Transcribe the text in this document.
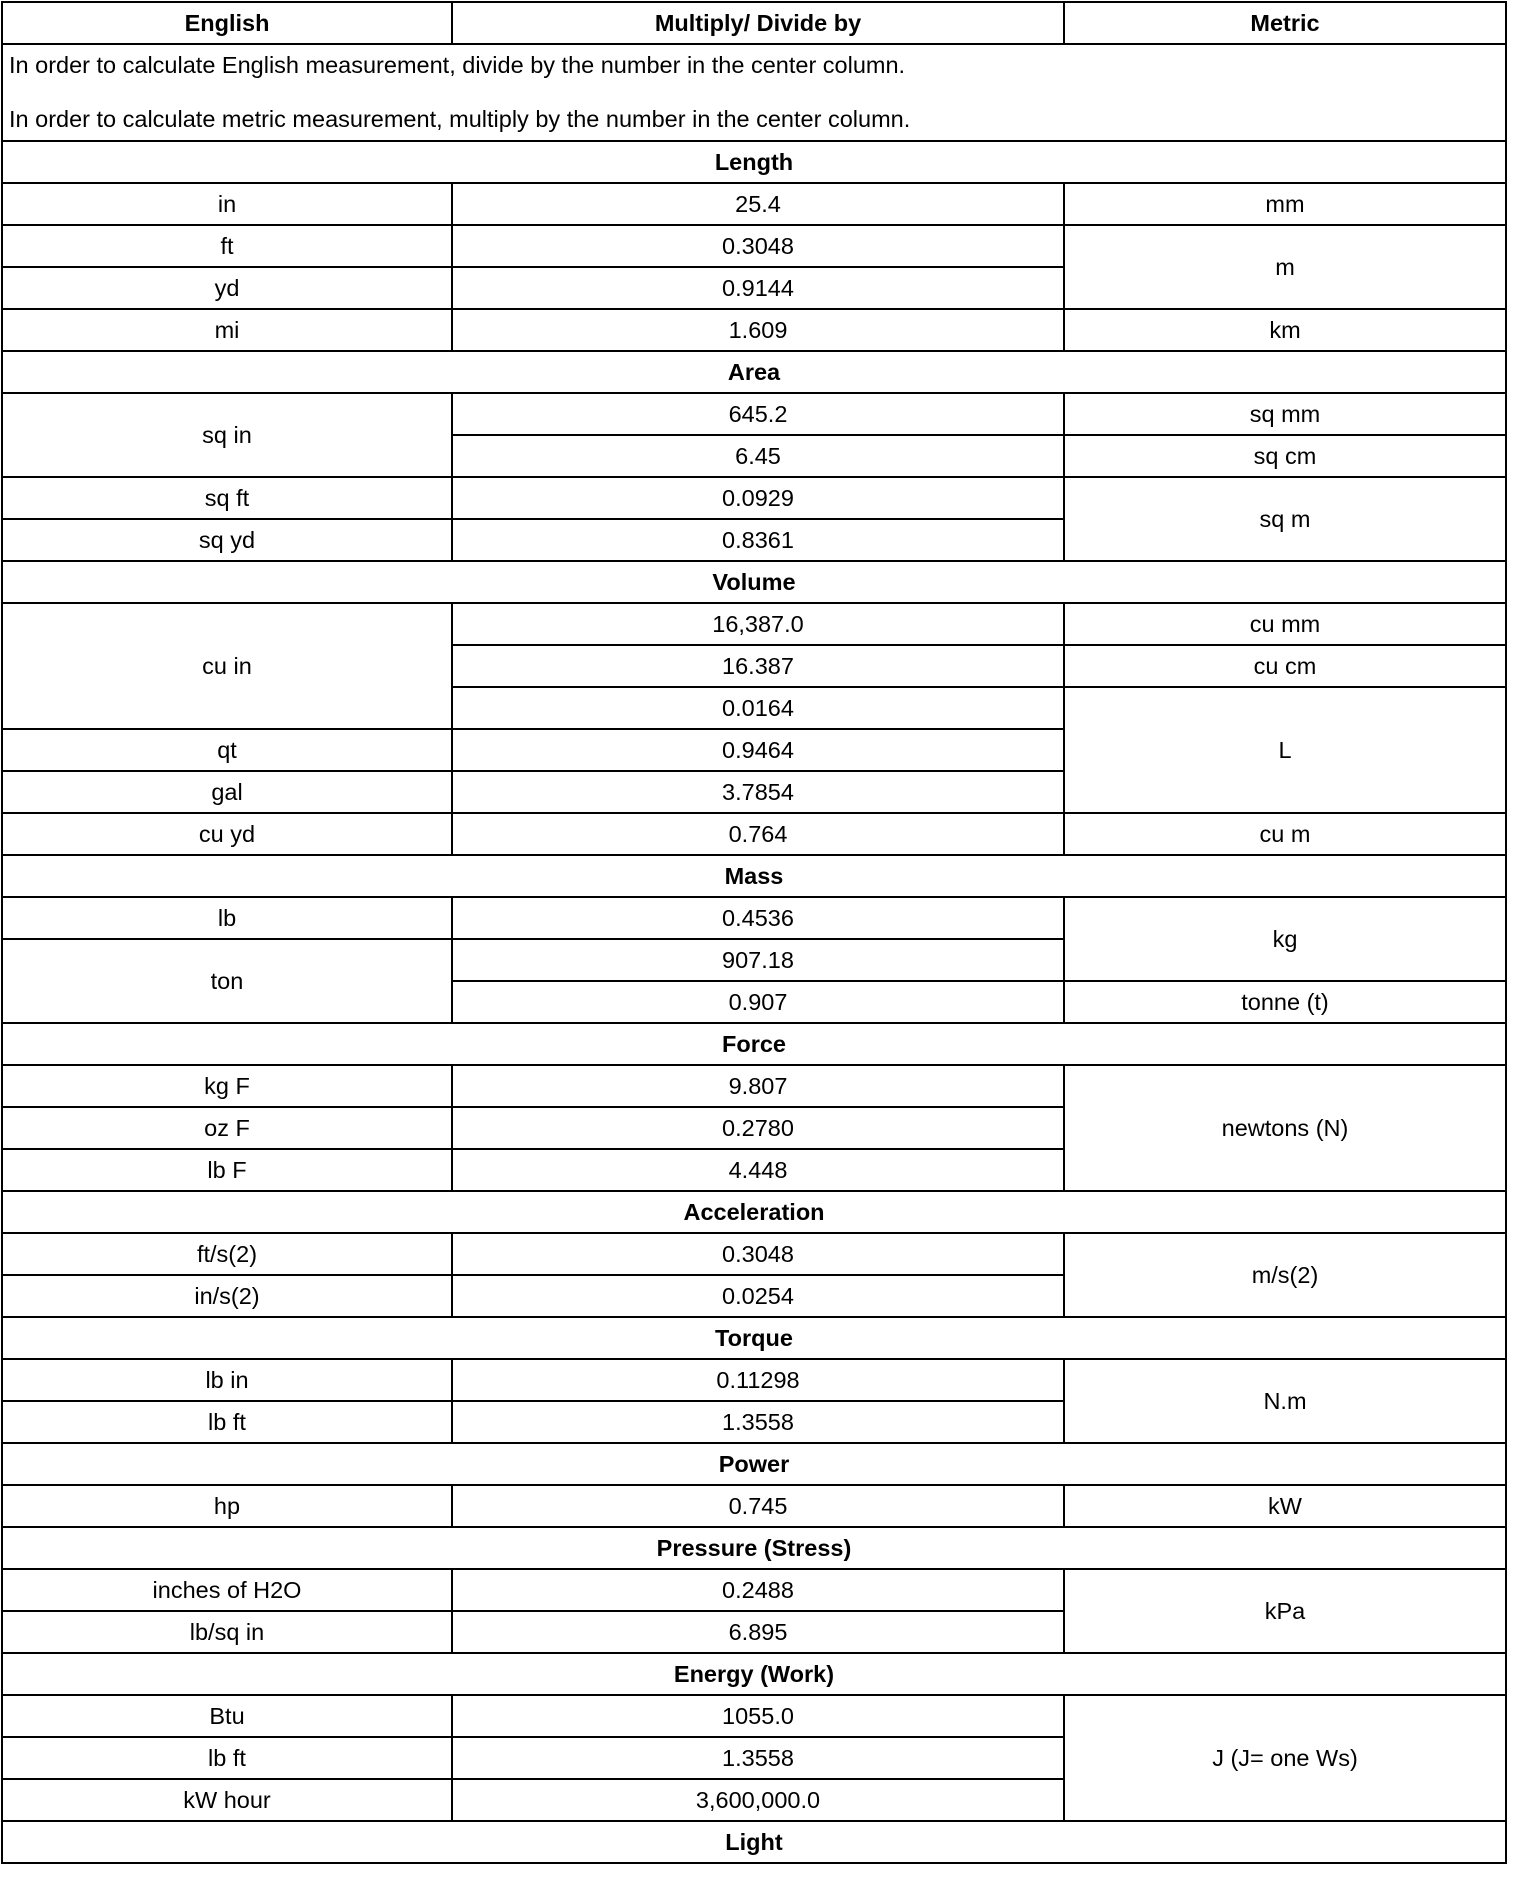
English	Multiply/ Divide by	Metric

In order to calculate English measurement, divide by the number in the center column.
In order to calculate metric measurement, multiply by the number in the center column.		

Length		
in	25.4	mm
ft	0.3048	m
yd	0.9144	
mi	1.609	km
Area		
sq in	645.2	sq mm
	6.45	sq cm
sq ft	0.0929	sq m
sq yd	0.8361	
Volume		
cu in	16,387.0	cu mm
	16.387	cu cm
	0.0164	L
qt	0.9464	
gal	3.7854	
cu yd	0.764	cu m
Mass		
lb	0.4536	kg
ton	907.18	
	0.907	tonne (t)
Force		
kg F	9.807	newtons (N)
oz F	0.2780	
lb F	4.448	
Acceleration		
ft/s(2)	0.3048	m/s(2)
in/s(2)	0.0254	
Torque		
lb in	0.11298	N.m
lb ft	1.3558	
Power		
hp	0.745	kW
Pressure (Stress)		
inches of H2O	0.2488	kPa
lb/sq in	6.895	
Energy (Work)		
Btu	1055.0	J (J= one Ws)
lb ft	1.3558	
kW hour	3,600,000.0	
Light		
